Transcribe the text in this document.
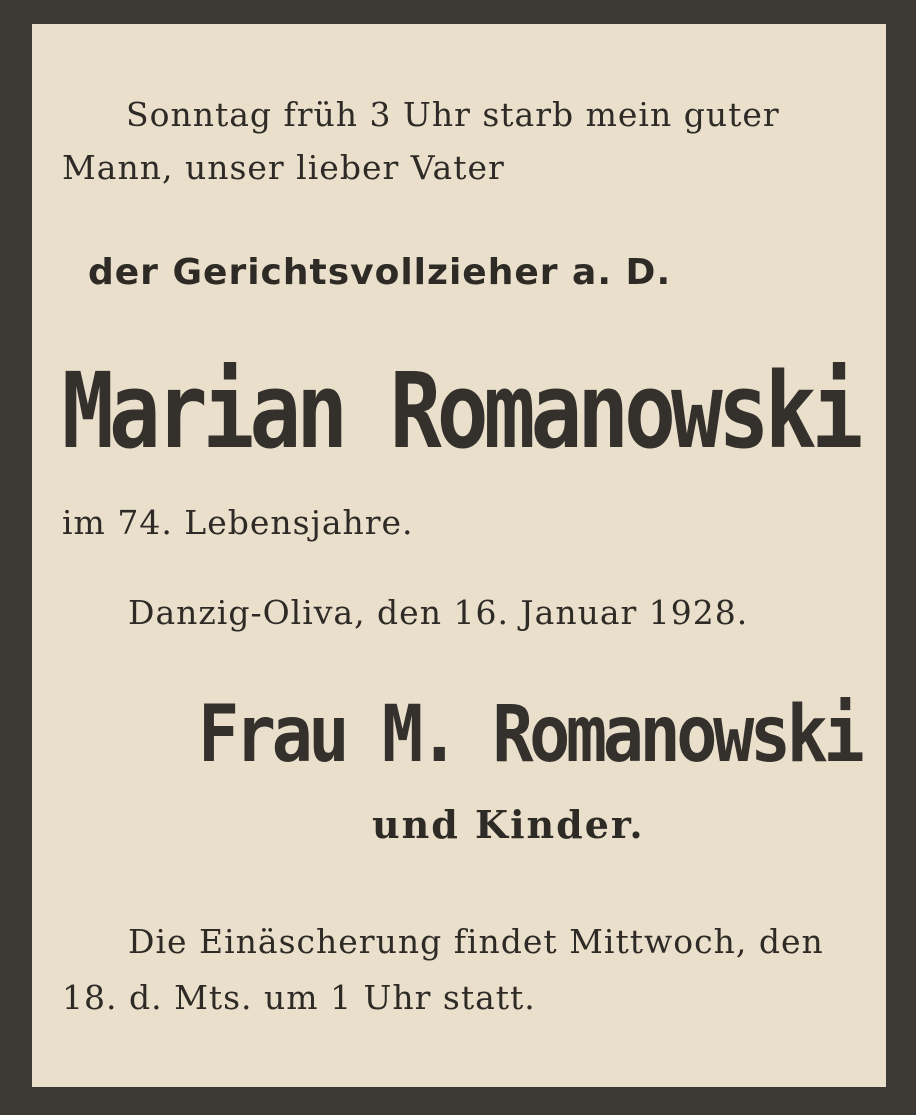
Sonntag früh 3 Uhr starb mein guter

Mann, unser lieber Vater

der Gerichtsvollzieher a. D.

Marian Romanowski

im 74. Lebensjahre.

Danzig-Oliva, den 16. Januar 1928.

Frau M. Romanowski

und Kinder.

Die Einäscherung findet Mittwoch, den

18. d. Mts. um 1 Uhr statt.
